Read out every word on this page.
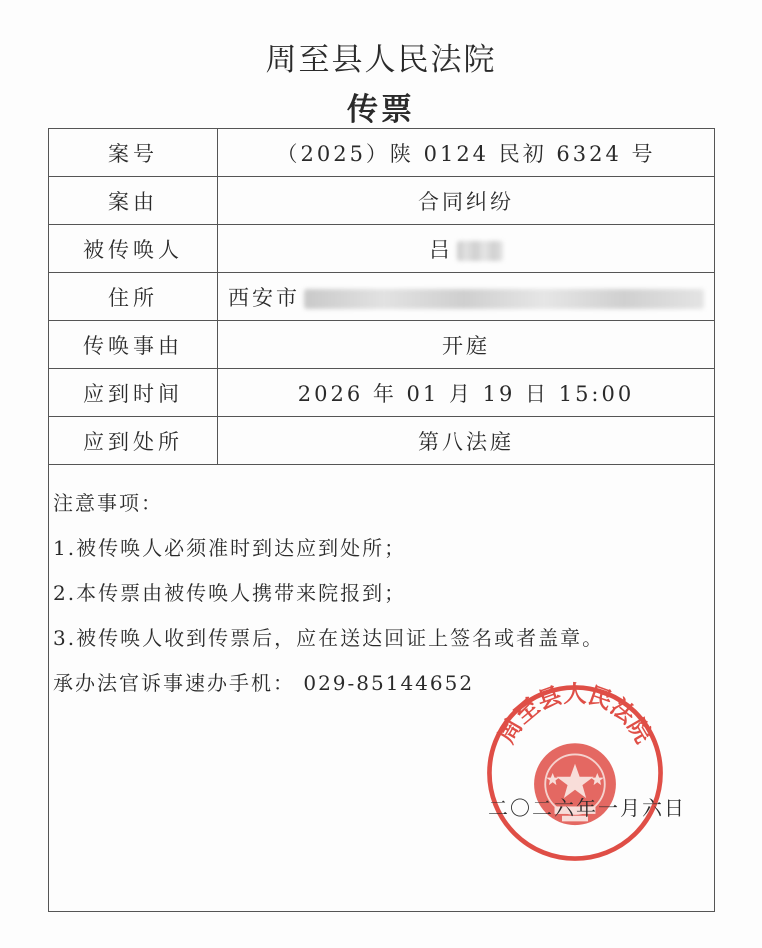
周至县人民法院
传票
案号	（2025）陕 0124 民初 6324 号
案由	合同纠纷
被传唤人	吕
住所	西安市
传唤事由	开庭
应到时间	2026 年 01 月 19 日 15:00
应到处所	第八法庭
注意事项：
1.被传唤人必须准时到达应到处所；
2.本传票由被传唤人携带来院报到；
3.被传唤人收到传票后，应在送达回证上签名或者盖章。
承办法官诉事速办手机： 029-85144652
周至县人民法院
二〇二六年一月六日
